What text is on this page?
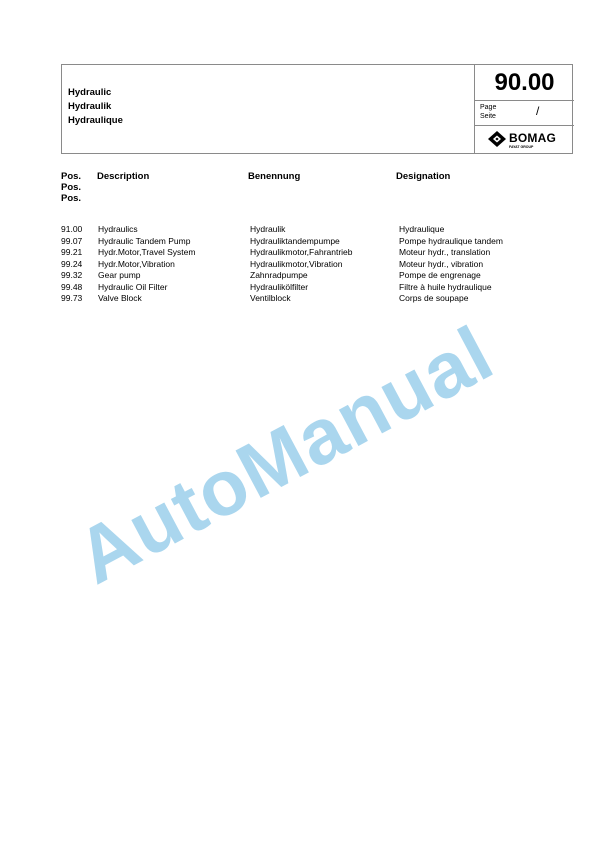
Hydraulic
Hydraulik
Hydraulique
90.00
Page
Seite	/
BOMAG
FAYAT GROUP
Pos.
Pos.
Pos.
Description	Benennung	Designation
91.00 Hydraulics	Hydraulik	Hydraulique
99.07 Hydraulic Tandem Pump	Hydrauliktandempumpe	Pompe hydraulique tandem
99.21 Hydr.Motor,Travel System	Hydraulikmotor,Fahrantrieb	Moteur hydr., translation
99.24 Hydr.Motor,Vibration	Hydraulikmotor,Vibration	Moteur hydr., vibration
99.32 Gear pump	Zahnradpumpe	Pompe de engrenage
99.48 Hydraulic Oil Filter	Hydraulikölfilter	Filtre à huile hydraulique
99.73 Valve Block	Ventilblock	Corps de soupape
AutoManual
